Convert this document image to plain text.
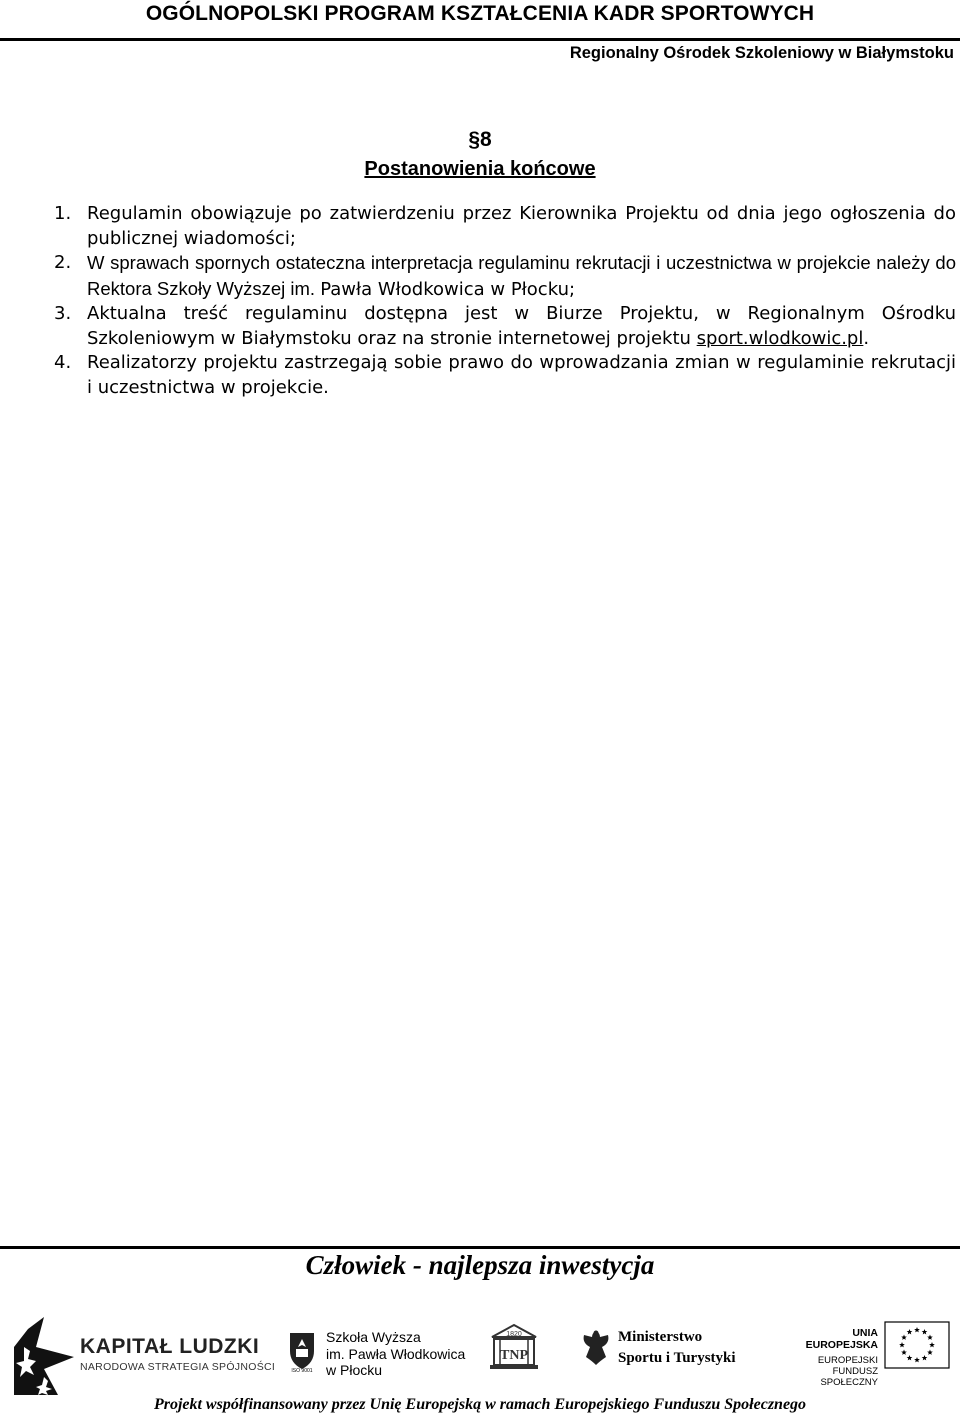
OGÓLNOPOLSKI PROGRAM KSZTAŁCENIA KADR SPORTOWYCH
Regionalny Ośrodek Szkoleniowy w Białymstoku
§8
Postanowienia końcowe
1. Regulamin obowiązuje po zatwierdzeniu przez Kierownika Projektu od dnia jego ogłoszenia do publicznej wiadomości;
2. W sprawach spornych ostateczna interpretacja regulaminu rekrutacji i uczestnictwa w projekcie należy do Rektora Szkoły Wyższej im. Pawła Włodkowica w Płocku;
3. Aktualna treść regulaminu dostępna jest w Biurze Projektu, w Regionalnym Ośrodku Szkoleniowym w Białymstoku oraz na stronie internetowej projektu sport.wlodkowic.pl.
4. Realizatorzy projektu zastrzegają sobie prawo do wprowadzania zmian w regulaminie rekrutacji i uczestnictwa w projekcie.
Człowiek - najlepsza inwestycja
KAPITAŁ LUDZKI
NARODOWA STRATEGIA SPÓJNOŚCI	ISO 9001
Szkoła Wyższa
im. Pawła Włodkowica
w Płocku
1820
TNP
Ministerstwo
Sportu i Turystyki
UNIA EUROPEJSKA
EUROPEJSKI
FUNDUSZ SPOŁECZNY
Projekt współfinansowany przez Unię Europejską w ramach Europejskiego Funduszu Społecznego
